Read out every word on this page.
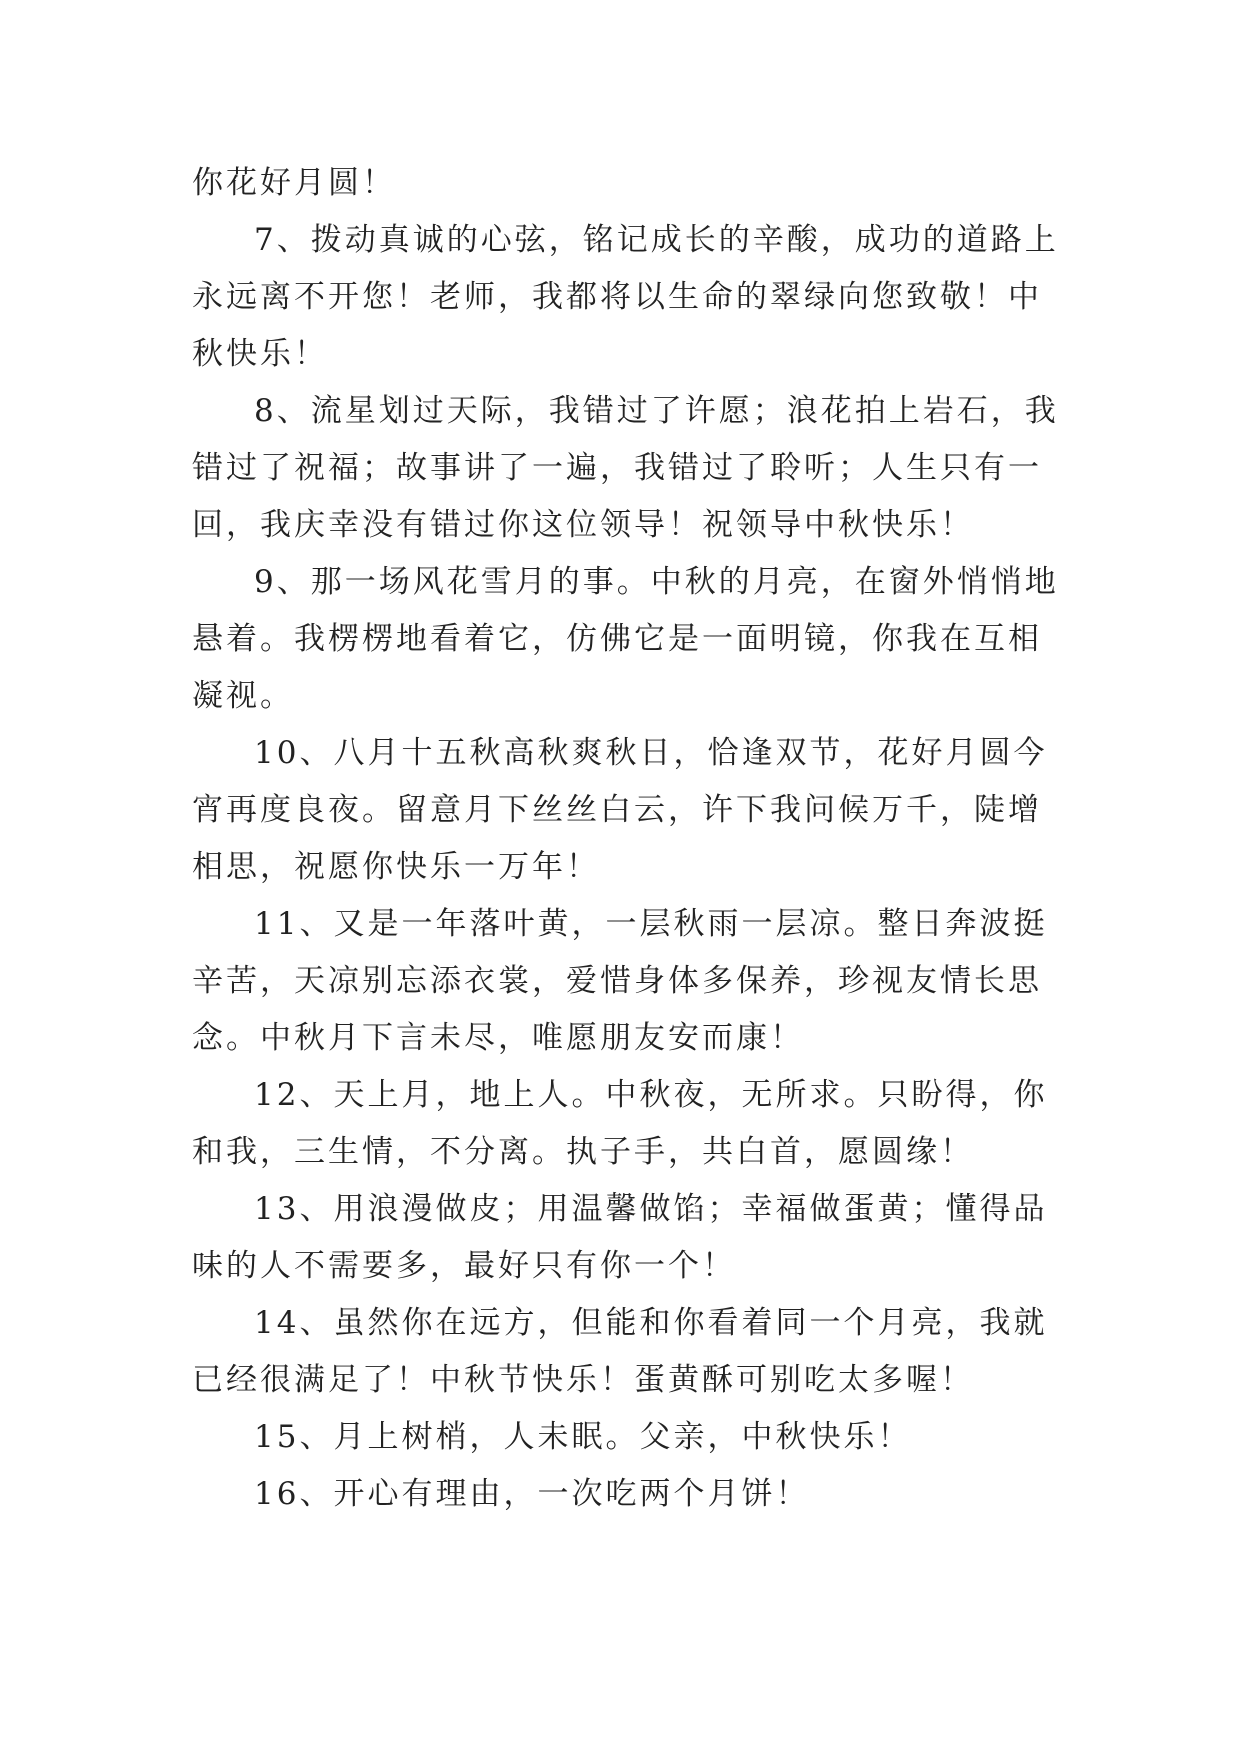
你花好月圆！

7、拨动真诚的心弦，铭记成长的辛酸，成功的道路上永远离不开您！老师，我都将以生命的翠绿向您致敬！中秋快乐！

8、流星划过天际，我错过了许愿；浪花拍上岩石，我错过了祝福；故事讲了一遍，我错过了聆听；人生只有一回，我庆幸没有错过你这位领导！祝领导中秋快乐！

9、那一场风花雪月的事。中秋的月亮，在窗外悄悄地悬着。我楞楞地看着它，仿佛它是一面明镜，你我在互相凝视。

10、八月十五秋高秋爽秋日，恰逢双节，花好月圆今宵再度良夜。留意月下丝丝白云，许下我问候万千，陡增相思，祝愿你快乐一万年！

11、又是一年落叶黄，一层秋雨一层凉。整日奔波挺辛苦，天凉别忘添衣裳，爱惜身体多保养，珍视友情长思念。中秋月下言未尽，唯愿朋友安而康！

12、天上月，地上人。中秋夜，无所求。只盼得，你和我，三生情，不分离。执子手，共白首，愿圆缘！

13、用浪漫做皮；用温馨做馅；幸福做蛋黄；懂得品味的人不需要多，最好只有你一个！

14、虽然你在远方，但能和你看着同一个月亮，我就已经很满足了！中秋节快乐！蛋黄酥可别吃太多喔！

15、月上树梢，人未眠。父亲，中秋快乐！

16、开心有理由，一次吃两个月饼！
